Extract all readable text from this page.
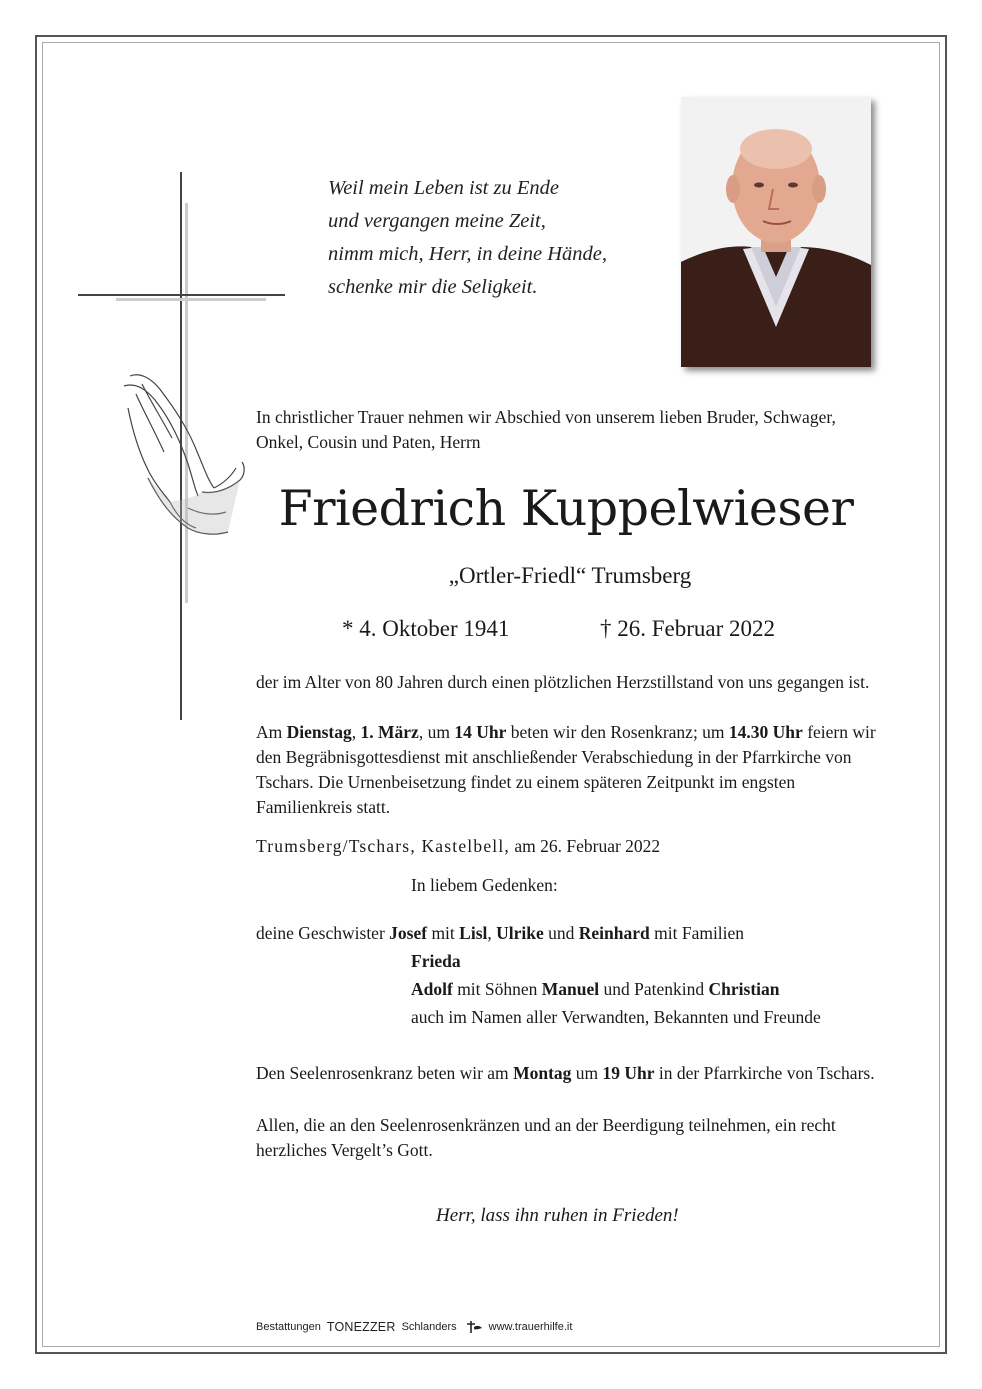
Weil mein Leben ist zu Ende
und vergangen meine Zeit,
nimm mich, Herr, in deine Hände,
schenke mir die Seligkeit.
In christlicher Trauer nehmen wir Abschied von unserem lieben Bruder, Schwager, Onkel, Cousin und Paten, Herrn
Friedrich Kuppelwieser
„Ortler-Friedl“ Trumsberg
* 4. Oktober 1941	† 26. Februar 2022
der im Alter von 80 Jahren durch einen plötzlichen Herzstillstand von uns gegangen ist.
Am Dienstag, 1. März, um 14 Uhr beten wir den Rosenkranz; um 14.30 Uhr feiern wir den Begräbnisgottesdienst mit anschließender Verabschiedung in der Pfarrkirche von Tschars. Die Urnenbeisetzung findet zu einem späteren Zeitpunkt im engsten Familienkreis statt.
Trumsberg/Tschars, Kastelbell, am 26. Februar 2022
In liebem Gedenken:
deine Geschwister Josef mit Lisl, Ulrike und Reinhard mit Familien
Frieda
Adolf mit Söhnen Manuel und Patenkind Christian
auch im Namen aller Verwandten, Bekannten und Freunde
Den Seelenrosenkranz beten wir am Montag um 19 Uhr in der Pfarrkirche von Tschars.
Allen, die an den Seelenrosenkränzen und an der Beerdigung teilnehmen, ein recht herzliches Vergelt’s Gott.
Herr, lass ihn ruhen in Frieden!
Bestattungen TONEZZER Schlanders	www.trauerhilfe.it
